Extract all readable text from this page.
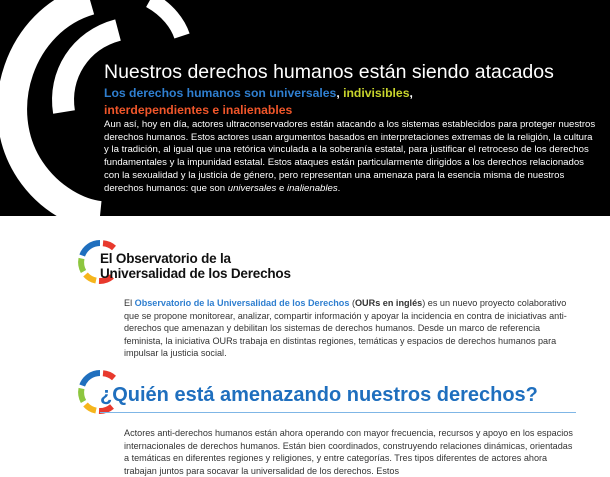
Nuestros derechos humanos están siendo atacados

Los derechos humanos son universales, indivisibles,
interdependientes e inalienables

Aun así, hoy en día, actores ultraconservadores están atacando a los sistemas establecidos para proteger nuestros derechos humanos. Estos actores usan argumentos basados en interpretaciones extremas de la religión, la cultura y la tradición, al igual que una retórica vinculada a la soberanía estatal, para justificar el retroceso de los derechos fundamentales y la impunidad estatal. Estos ataques están particularmente dirigidos a los derechos relacionados con la sexualidad y la justicia de género, pero representan una amenaza para la esencia misma de nuestros derechos humanos: que son universales e inalienables.

El Observatorio de la
Universalidad de los Derechos

El Observatorio de la Universalidad de los Derechos (OURs en inglés) es un nuevo proyecto colaborativo que se propone monitorear, analizar, compartir información y apoyar la incidencia en contra de iniciativas anti-derechos que amenazan y debilitan los sistemas de derechos humanos. Desde un marco de referencia feminista, la iniciativa OURs trabaja en distintas regiones, temáticas y espacios de derechos humanos para impulsar la justicia social.

¿Quién está amenazando nuestros derechos?

Actores anti-derechos humanos están ahora operando con mayor frecuencia, recursos y apoyo en los espacios internacionales de derechos humanos. Están bien coordinados, construyendo relaciones dinámicas, orientadas a temáticas en diferentes regiones y religiones, y entre categorías. Tres tipos diferentes de actores ahora trabajan juntos para socavar la universalidad de los derechos. Estos
